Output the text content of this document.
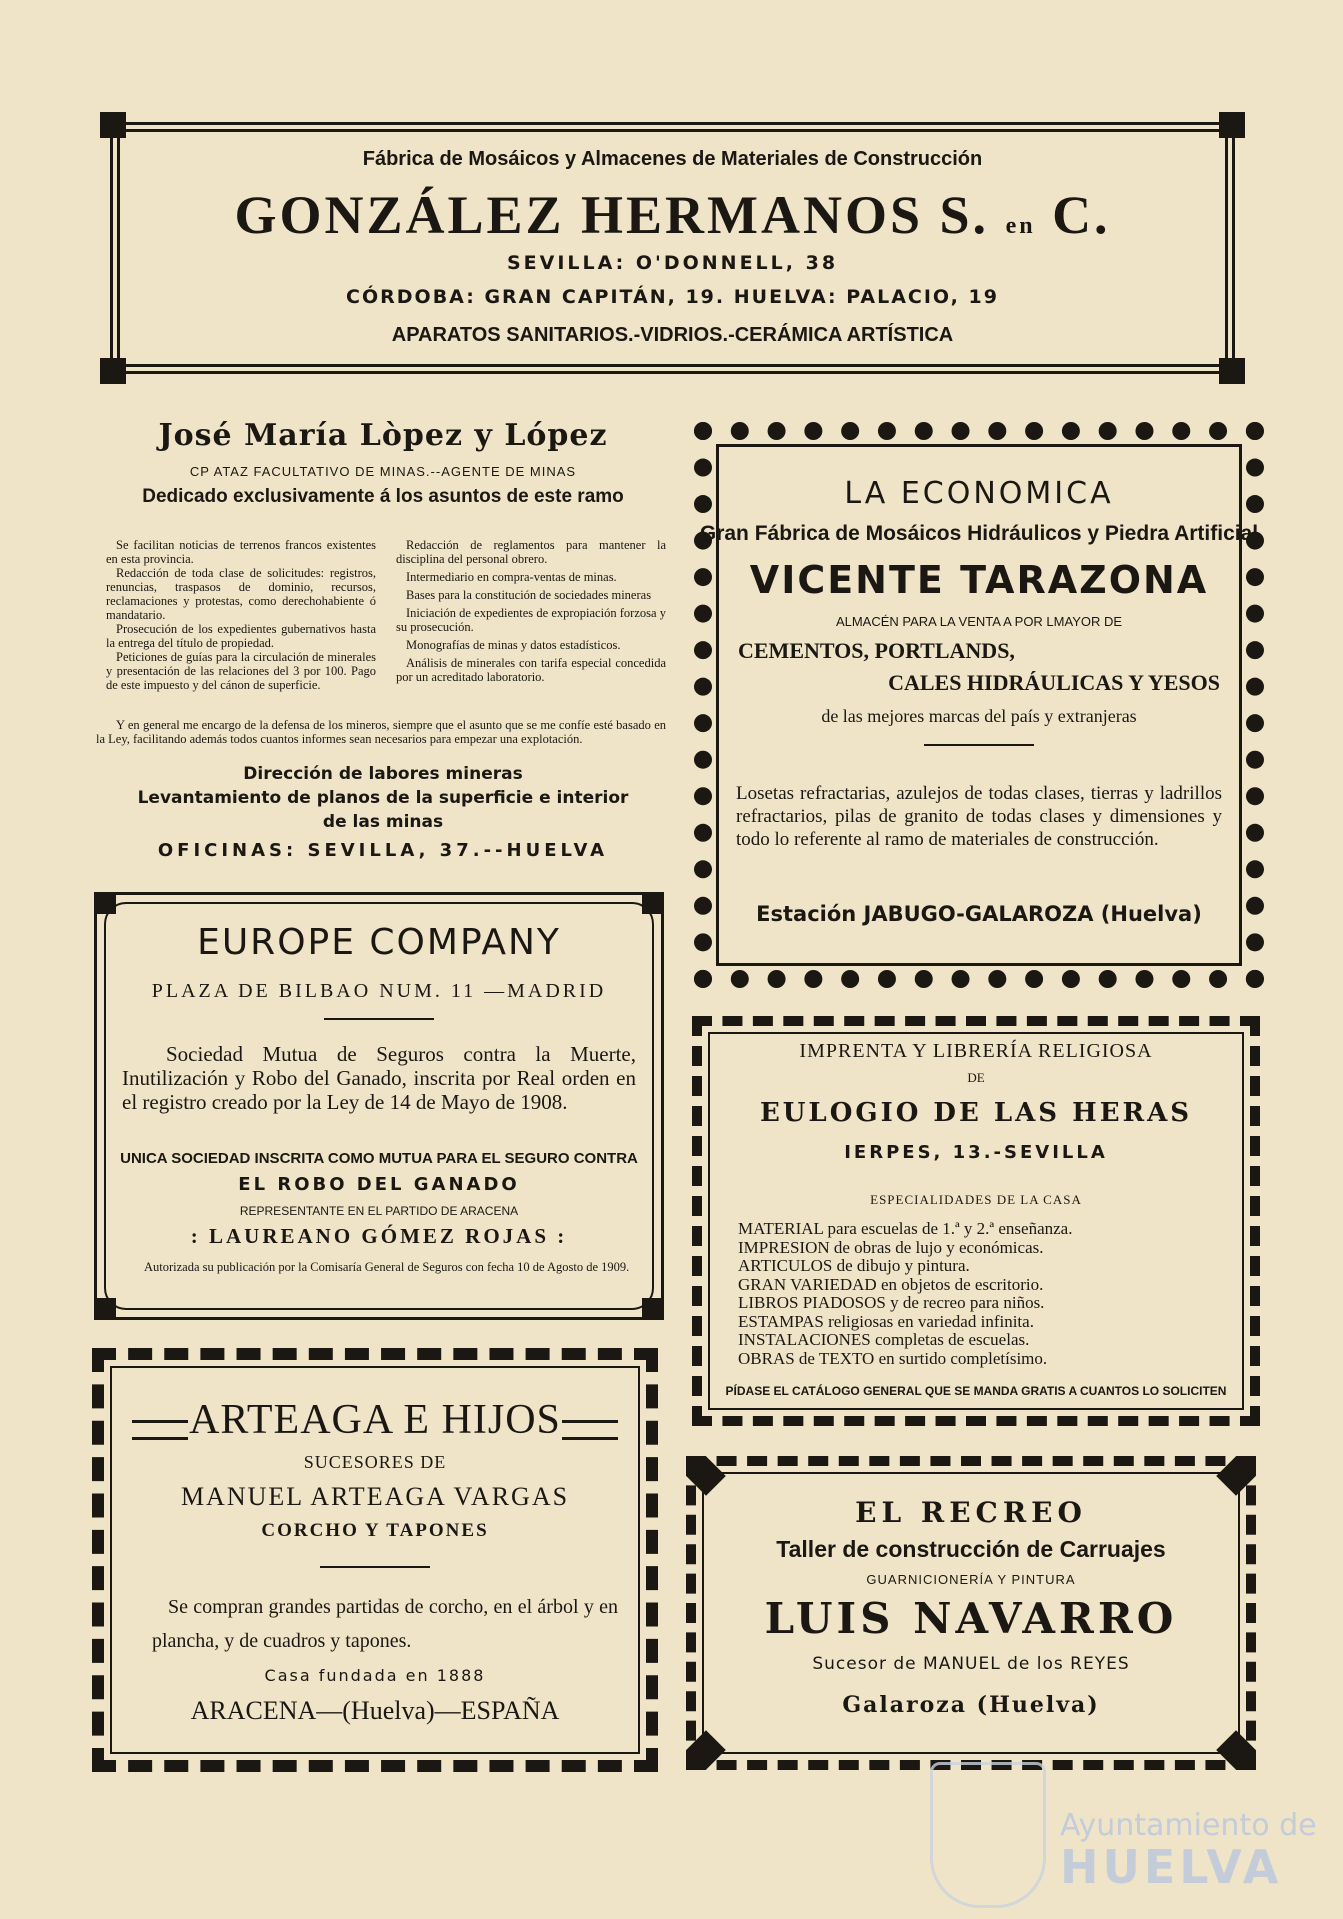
Fábrica de Mosáicos y Almacenes de Materiales de Construcción
GONZÁLEZ HERMANOS S. en C.
SEVILLA: O'DONNELL, 38
CÓRDOBA: GRAN CAPITÁN, 19. HUELVA: PALACIO, 19
APARATOS SANITARIOS.-VIDRIOS.-CERÁMICA ARTÍSTICA
José María Lòpez y López
CP ATAZ FACULTATIVO DE MINAS.--AGENTE DE MINAS
Dedicado exclusivamente á los asuntos de este ramo

Se facilitan noticias de terrenos francos existentes en esta provincia.

Redacción de toda clase de solicitudes: registros, renuncias, traspasos de dominio, recursos, reclamaciones y protestas, como derechohabiente ó mandatario.

Prosecución de los expedientes gubernativos hasta la entrega del título de propiedad.

Peticiones de guías para la circulación de minerales y presentación de las relaciones del 3 por 100. Pago de este impuesto y del cánon de superficie.

Redacción de reglamentos para mantener la disciplina del personal obrero.

Intermediario en compra-ventas de minas.

Bases para la constitución de sociedades mineras

Iniciación de expedientes de expropiación forzosa y su prosecución.

Monografías de minas y datos estadísticos.

Análisis de minerales con tarifa especial concedida por un acreditado laboratorio.

Y en general me encargo de la defensa de los mineros, siempre que el asunto que se me confíe esté basado en la Ley, facilitando además todos cuantos informes sean necesarios para empezar una explotación.
Dirección de labores mineras
Levantamiento de planos de la superficie e interior
de las minas
OFICINAS: SEVILLA, 37.--HUELVA
LA ECONOMICA
Gran Fábrica de Mosáicos Hidráulicos y Piedra Artificial
VICENTE TARAZONA
ALMACÉN PARA LA VENTA A POR LMAYOR DE
CEMENTOS, PORTLANDS,
CALES HIDRÁULICAS Y YESOS
de las mejores marcas del país y extranjeras
Losetas refractarias, azulejos de todas clases, tierras y ladrillos refractarios, pilas de granito de todas clases y dimensiones y todo lo referente al ramo de materiales de construcción.
Estación JABUGO-GALAROZA (Huelva)
EUROPE COMPANY
PLAZA DE BILBAO NUM. 11 —MADRID
Sociedad Mutua de Seguros contra la Muerte, Inutilización y Robo del Ganado, inscrita por Real orden en el registro creado por la Ley de 14 de Mayo de 1908.
UNICA SOCIEDAD INSCRITA COMO MUTUA PARA EL SEGURO CONTRA
EL ROBO DEL GANADO
REPRESENTANTE EN EL PARTIDO DE ARACENA
: LAUREANO GÓMEZ ROJAS :
Autorizada su publicación por la Comisaría General de Seguros con fecha 10 de Agosto de 1909.
IMPRENTA Y LIBRERÍA RELIGIOSA
DE
EULOGIO DE LAS HERAS
IERPES, 13.-SEVILLA
ESPECIALIDADES DE LA CASA
MATERIAL para escuelas de 1.ª y 2.ª enseñanza.
IMPRESION de obras de lujo y económicas.
ARTICULOS de dibujo y pintura.
GRAN VARIEDAD en objetos de escritorio.
LIBROS PIADOSOS y de recreo para niños.
ESTAMPAS religiosas en variedad infinita.
INSTALACIONES completas de escuelas.
OBRAS de TEXTO en surtido completísimo.
PÍDASE EL CATÁLOGO GENERAL QUE SE MANDA GRATIS A CUANTOS LO SOLICITEN
ARTEAGA E HIJOS
SUCESORES DE
MANUEL ARTEAGA VARGAS
CORCHO Y TAPONES
Se compran grandes partidas de corcho, en el árbol y en plancha, y de cuadros y tapones.
Casa fundada en 1888
ARACENA—(Huelva)—ESPAÑA
EL RECREO
Taller de construcción de Carruajes
GUARNICIONERÍA Y PINTURA
LUIS NAVARRO
Sucesor de MANUEL de los REYES
Galaroza (Huelva)
Ayuntamiento de
HUELVA
